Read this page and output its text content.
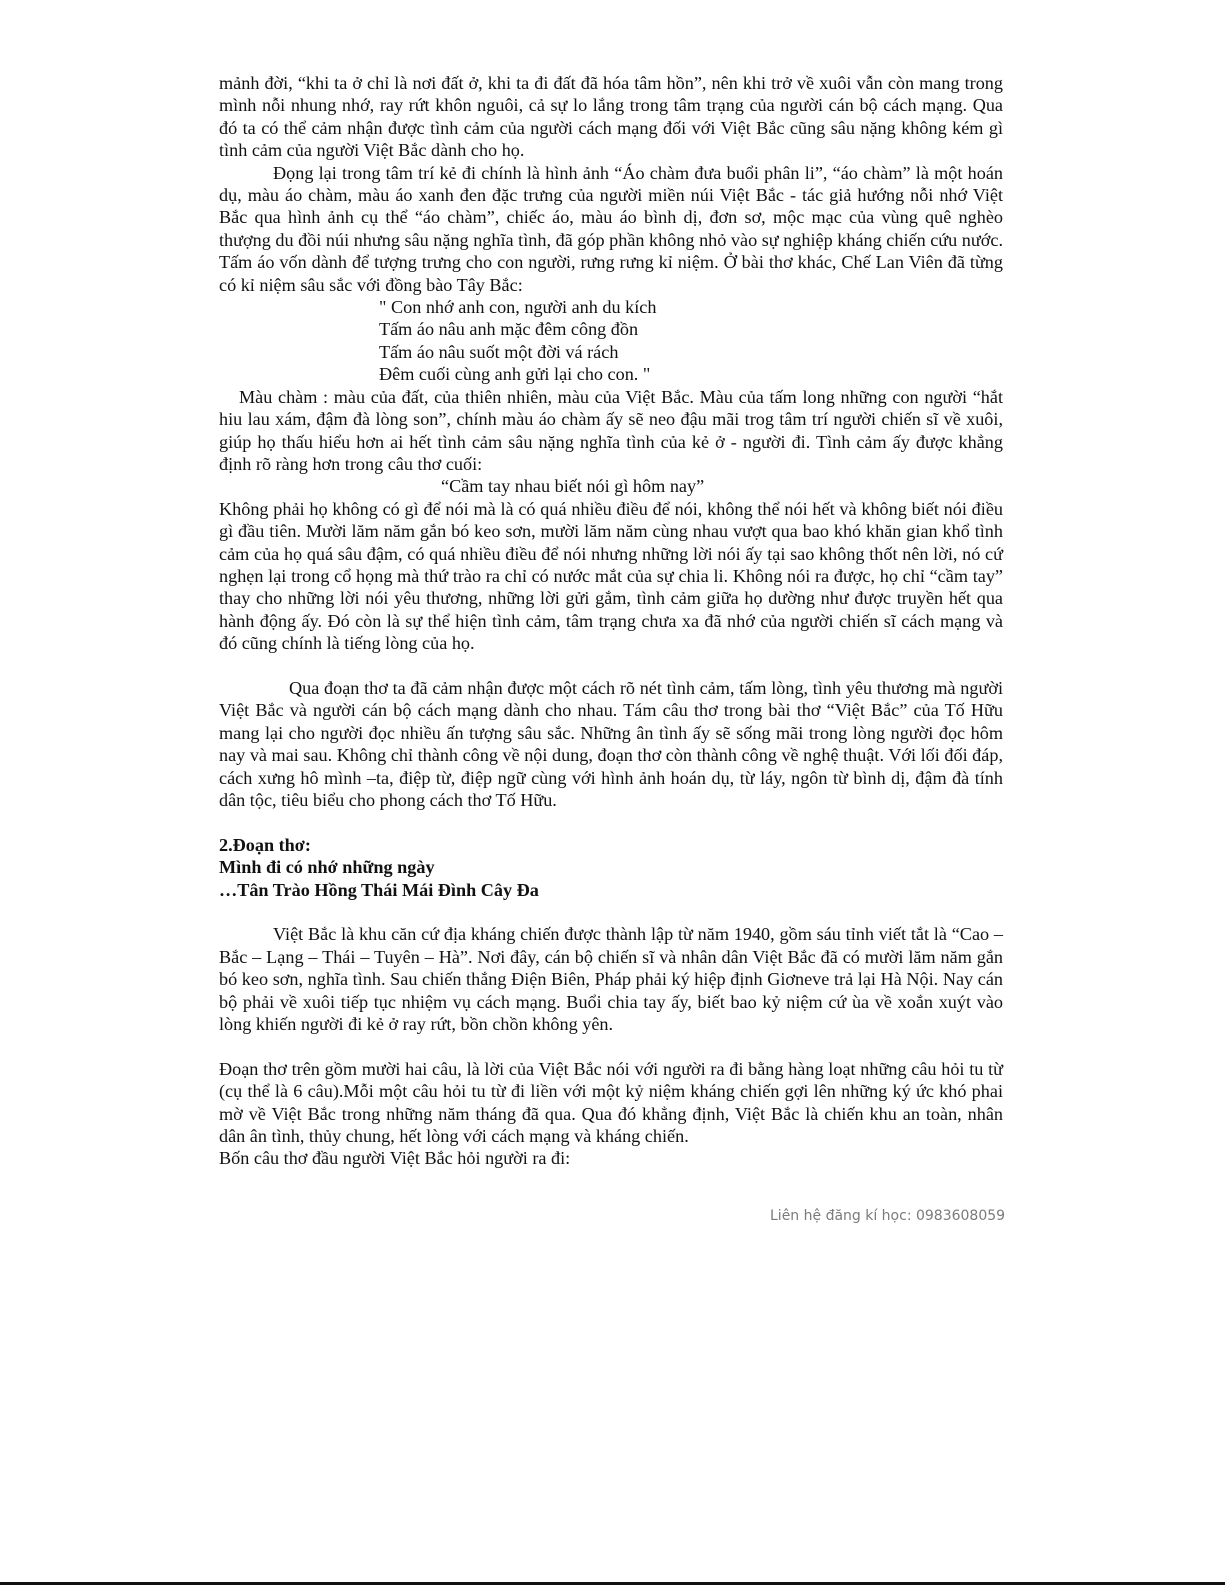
mảnh đời, “khi ta ở chỉ là nơi đất ở, khi ta đi đất đã hóa tâm hồn”, nên khi trở về xuôi vẫn còn mang trong mình nỗi nhung nhớ, ray rứt khôn nguôi, cả sự lo lắng trong tâm trạng của người cán bộ cách mạng. Qua đó ta có thể cảm nhận được tình cảm của người cách mạng đối với Việt Bắc cũng sâu nặng không kém gì tình cảm của người Việt Bắc dành cho họ.

Đọng lại trong tâm trí kẻ đi chính là hình ảnh “Áo chàm đưa buổi phân li”, “áo chàm” là một hoán dụ, màu áo chàm, màu áo xanh đen đặc trưng của người miền núi Việt Bắc - tác giả hướng nỗi nhớ Việt Bắc qua hình ảnh cụ thể “áo chàm”, chiếc áo, màu áo bình dị, đơn sơ, mộc mạc của vùng quê nghèo thượng du đồi núi nhưng sâu nặng nghĩa tình, đã góp phần không nhỏ vào sự nghiệp kháng chiến cứu nước. Tấm áo vốn dành để tượng trưng cho con người, rưng rưng kỉ niệm. Ở bài thơ khác, Chế Lan Viên đã từng có kỉ niệm sâu sắc với đồng bào Tây Bắc:

" Con nhớ anh con, người anh du kích
Tấm áo nâu anh mặc đêm công đồn
Tấm áo nâu suốt một đời vá rách
Đêm cuối cùng anh gửi lại cho con. "

Màu chàm : màu của đất, của thiên nhiên, màu của Việt Bắc. Màu của tấm long những con người “hắt hiu lau xám, đậm đà lòng son”, chính màu áo chàm ấy sẽ neo đậu mãi trog tâm trí người chiến sĩ về xuôi, giúp họ thấu hiểu hơn ai hết tình cảm sâu nặng nghĩa tình của kẻ ở - người đi. Tình cảm ấy được khẳng định rõ ràng hơn trong câu thơ cuối:

“Cầm tay nhau biết nói gì hôm nay”

Không phải họ không có gì để nói mà là có quá nhiều điều để nói, không thể nói hết và không biết nói điều gì đầu tiên. Mười lăm năm gắn bó keo sơn, mười lăm năm cùng nhau vượt qua bao khó khăn gian khổ tình cảm của họ quá sâu đậm, có quá nhiều điều để nói nhưng những lời nói ấy tại sao không thốt nên lời, nó cứ nghẹn lại trong cổ họng mà thứ trào ra chỉ có nước mắt của sự chia li. Không nói ra được, họ chỉ “cầm tay” thay cho những lời nói yêu thương, những lời gửi gắm, tình cảm giữa họ dường như được truyền hết qua hành động ấy. Đó còn là sự thể hiện tình cảm, tâm trạng chưa xa đã nhớ của người chiến sĩ cách mạng và đó cũng chính là tiếng lòng của họ.

Qua đoạn thơ ta đã cảm nhận được một cách rõ nét tình cảm, tấm lòng, tình yêu thương mà người Việt Bắc và người cán bộ cách mạng dành cho nhau. Tám câu thơ trong bài thơ “Việt Bắc” của Tố Hữu mang lại cho người đọc nhiều ấn tượng sâu sắc. Những ân tình ấy sẽ sống mãi trong lòng người đọc hôm nay và mai sau. Không chỉ thành công về nội dung, đoạn thơ còn thành công về nghệ thuật. Với lối đối đáp, cách xưng hô mình –ta, điệp từ, điệp ngữ cùng với hình ảnh hoán dụ, từ láy, ngôn từ bình dị, đậm đà tính dân tộc, tiêu biểu cho phong cách thơ Tố Hữu.

2.Đoạn thơ:

Mình đi có nhớ những ngày

…Tân Trào Hồng Thái Mái Đình Cây Đa

Việt Bắc là khu căn cứ địa kháng chiến được thành lập từ năm 1940, gồm sáu tỉnh viết tắt là “Cao – Bắc – Lạng – Thái – Tuyên – Hà”. Nơi đây, cán bộ chiến sĩ và nhân dân Việt Bắc đã có mười lăm năm gắn bó keo sơn, nghĩa tình. Sau chiến thắng Điện Biên, Pháp phải ký hiệp định Giơneve trả lại Hà Nội. Nay cán bộ phải về xuôi tiếp tục nhiệm vụ cách mạng. Buổi chia tay ấy, biết bao kỷ niệm cứ ùa về xoắn xuýt vào lòng khiến người đi kẻ ở ray rứt, bồn chồn không yên.

Đoạn thơ trên gồm mười hai câu, là lời của Việt Bắc nói với người ra đi bằng hàng loạt những câu hỏi tu từ (cụ thể là 6 câu).Mỗi một câu hỏi tu từ đi liền với một kỷ niệm kháng chiến gợi lên những ký ức khó phai mờ về Việt Bắc trong những năm tháng đã qua. Qua đó khẳng định, Việt Bắc là chiến khu an toàn, nhân dân ân tình, thủy chung, hết lòng với cách mạng và kháng chiến.

Bốn câu thơ đầu người Việt Bắc hỏi người ra đi:

Liên hệ đăng kí học: 0983608059
